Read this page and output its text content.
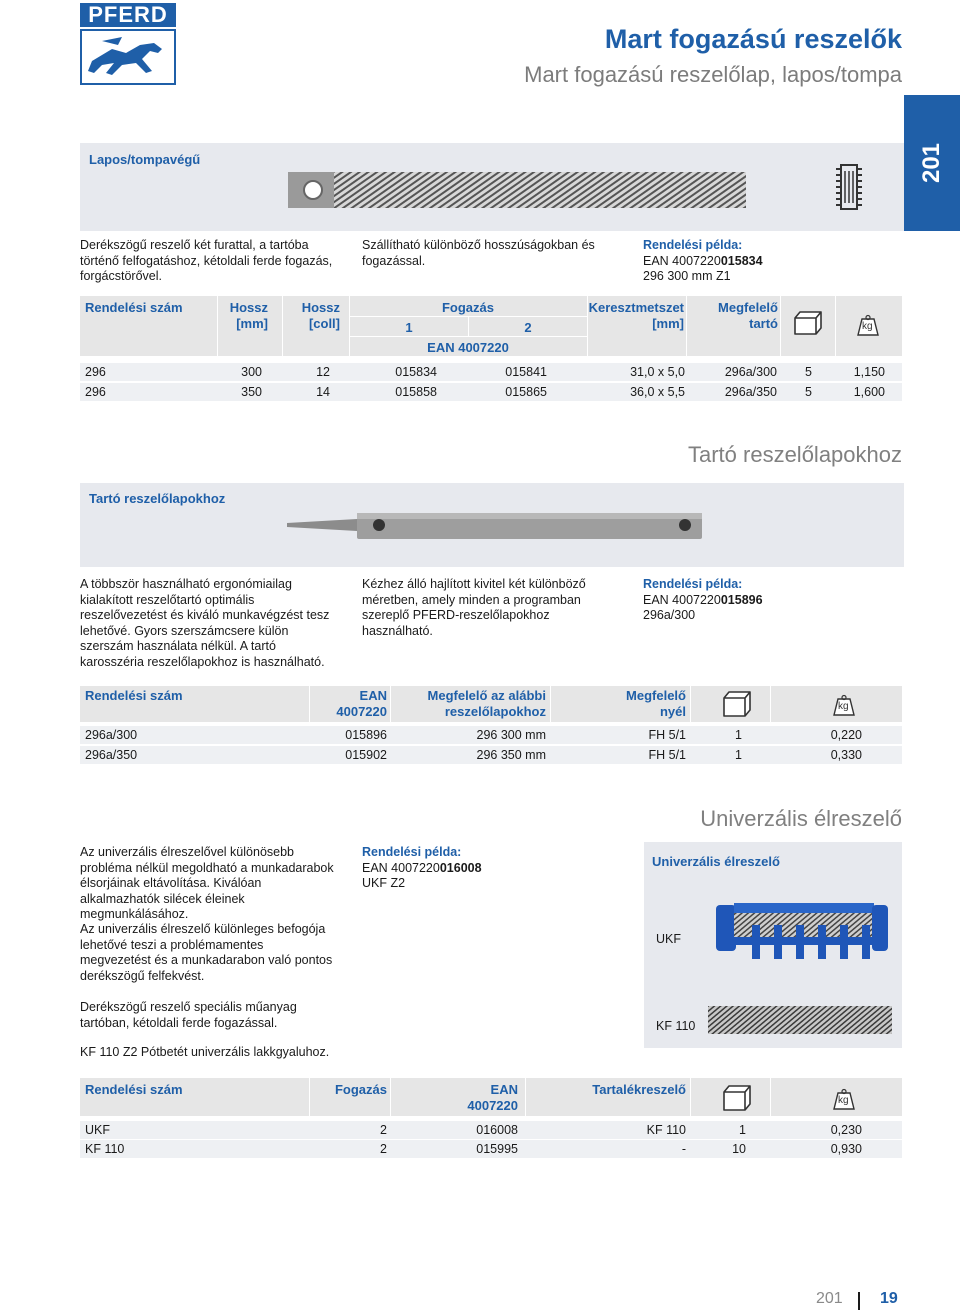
PFERD
Mart fogazású reszelők
Mart fogazású reszelőlap, lapos/tompa
201
Lapos/tompavégű
Derékszögű reszelő két furattal, a tartóba történő felfogatáshoz, kétoldali ferde fogazás, forgácstörővel.
Szállítható különböző hosszúságokban és fogazással.
Rendelési példa:
EAN 4007220015834
296 300 mm Z1
Rendelési szám	Hossz
[mm]
Hossz
[coll]
Fogazás
1	2
EAN 4007220
Keresztmetszet
[mm]
Megfelelő
tartó	kg
296	300	12	015834	015841	31,0 x 5,0	296a/300	5	1,150
296	350	14	015858	015865	36,0 x 5,5	296a/350	5	1,600
Tartó reszelőlapokhoz
Tartó reszelőlapokhoz
A többször használható ergonómiailag kialakított reszelőtartó optimális reszelővezetést és kiváló munkavégzést tesz lehetővé. Gyors szerszámcsere külön szerszám használata nélkül. A tartó karosszéria reszelőlapokhoz is használható.
Kézhez álló hajlított kivitel két különböző méretben, amely minden a programban szereplő PFERD-reszelőlapokhoz használható.
Rendelési példa:
EAN 4007220015896
296a/300
Rendelési szám	EAN
4007220
Megfelelő az alábbi
reszelőlapokhoz
Megfelelő
nyél	kg
296a/300	015896	296 300 mm	FH 5/1	1	0,220
296a/350	015902	296 350 mm	FH 5/1	1	0,330
Univerzális élreszelő
Az univerzális élreszelővel különösebb probléma nélkül megoldható a munkadarabok élsorjáinak eltávolítása. Kiválóan alkalmazhatók silécek éleinek megmunkálásához.
Az univerzális élreszelő különleges befogója lehetővé teszi a problémamentes megvezetést és a munkadarabon való pontos derékszögű felfekvést.
Derékszögű reszelő speciális műanyag tartóban, kétoldali ferde fogazással.
KF 110 Z2 Pótbetét univerzális lakkgyaluhoz.
Rendelési példa:
EAN 4007220016008
UKF Z2
Univerzális élreszelő
UKF
KF 110
Rendelési szám	Fogazás	EAN
4007220
Tartalékreszelő
kg
UKF	2	016008	KF 110	1	0,230
KF 110	2	015995	-	10	0,930
201 19
